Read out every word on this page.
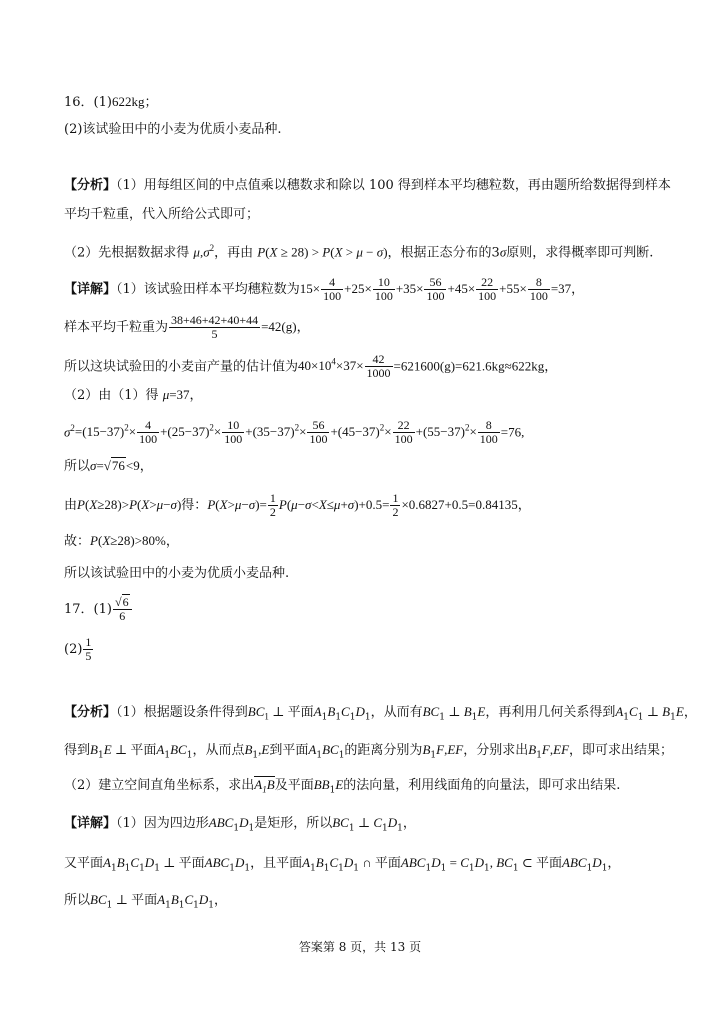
16．(1)622kg；
(2)该试验田中的小麦为优质小麦品种.
【分析】（1）用每组区间的中点值乘以穗数求和除以 100 得到样本平均穗粒数，再由题所给数据得到样本
平均千粒重，代入所给公式即可；
（2）先根据数据求得 $\mu,\sigma^2$，再由 P(X ≥ 28) > P(X > μ − σ)，根据正态分布的3σ原则，求得概率即可判断.
【详解】（1）该试验田样本平均穗粒数为$15\times \frac{4}{100} +25\times \frac{10}{100} +35\times \frac{56}{100} +45\times \frac{22}{100} +55\times \frac{8}{100} =37$，
样本平均千粒重为 $\frac{38+46+42+40+44}{5} =42(g)$，
所以这块试验田的小麦亩产量的估计值为$40\times 10^4\times 37\times \frac{42}{1000} =621600(g)=621.6kg\approx 622kg$，
（2）由（1）得 μ=37，
$\sigma^2=(15-37)^2\times \frac{4}{100} +(25-37)^2\times \frac{10}{100} +(35-37)^2\times \frac{56}{100} +(45-37)^2\times \frac{22}{100} +(55-37)^2\times \frac{8}{100} =76$,
所以σ=√76<9，
由P(X≥28)>P(X>μ−σ)得：$P(X>\mu-\sigma)= \frac{1}{2} P(\mu-\sigma<X\le\mu+\sigma)+0.5= \frac{1}{2} \times 0.6827+0.5=0.84135$，
故：P(X≥28)>80%，
所以该试验田中的小麦为优质小麦品种.
17．$(1) \frac{√6}{6}$
$(2) \frac{1}{5}$
【分析】（1）根据题设条件得到$BC_1$ ⊥ 平面$A_1B_1C_1D_1$，从而有$BC_1$ ⊥ $B_1E$，再利用几何关系得到$A_1C_1$ ⊥ $B_1E$，
得到$B_1E$ ⊥ 平面$A_1BC_1$，从而点$B_1,E$到平面$A_1BC_1$的距离分别为$B_1F,EF$，分别求出$B_1F,EF$，即可求出结果；
（2）建立空间直角坐标系，求出$A_1B$及平面$BB_1E$的法向量，利用线面角的向量法，即可求出结果.
【详解】（1）因为四边形$ABC_1D_1$是矩形，所以$BC_1$ ⊥ $C_1D_1$，
又平面$A_1B_1C_1D_1$ ⊥ 平面$ABC_1D_1$，且平面$A_1B_1C_1D_1$ ∩ 平面$ABC_1D_1 = C_1D_1$, $BC_1$ ⊂ 平面$ABC_1D_1$，
所以$BC_1$ ⊥ 平面$A_1B_1C_1D_1$，
答案第 8 页，共 13 页
